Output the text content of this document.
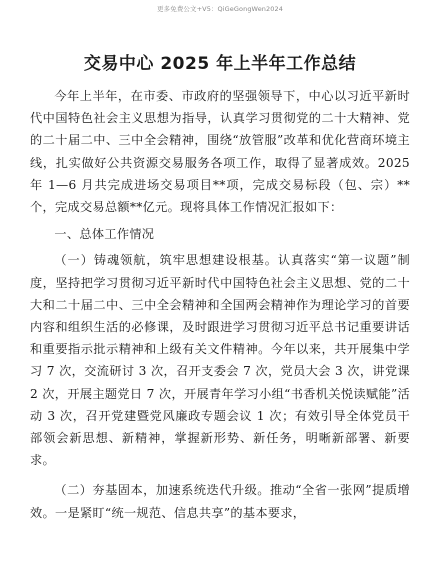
更多免费公文+V5：QiGeGongWen2024
交易中心 2025 年上半年工作总结

今年上半年，在市委、市政府的坚强领导下，中心以习近平新时代中国特色社会主义思想为指导，认真学习贯彻党的二十大精神、党的二十届二中、三中全会精神，围绕“放管服”改革和优化营商环境主线，扎实做好公共资源交易服务各项工作，取得了显著成效。2025 年 1—6 月共完成进场交易项目**项，完成交易标段（包、宗）**个，完成交易总额**亿元。现将具体工作情况汇报如下：

一、总体工作情况

（一）铸魂领航，筑牢思想建设根基。认真落实“第一议题”制度，坚持把学习贯彻习近平新时代中国特色社会主义思想、党的二十大和二十届二中、三中全会精神和全国两会精神作为理论学习的首要内容和组织生活的必修课，及时跟进学习贯彻习近平总书记重要讲话和重要指示批示精神和上级有关文件精神。今年以来，共开展集中学习 7 次，交流研讨 3 次，召开支委会 7 次，党员大会 3 次，讲党课 2 次，开展主题党日 7 次，开展青年学习小组“书香机关悦读赋能”活动 3 次，召开党建暨党风廉政专题会议 1 次；有效引导全体党员干部领会新思想、新精神，掌握新形势、新任务，明晰新部署、新要求。

（二）夯基固本，加速系统迭代升级。推动“全省一张网”提质增效。一是紧盯“统一规范、信息共享”的基本要求，
